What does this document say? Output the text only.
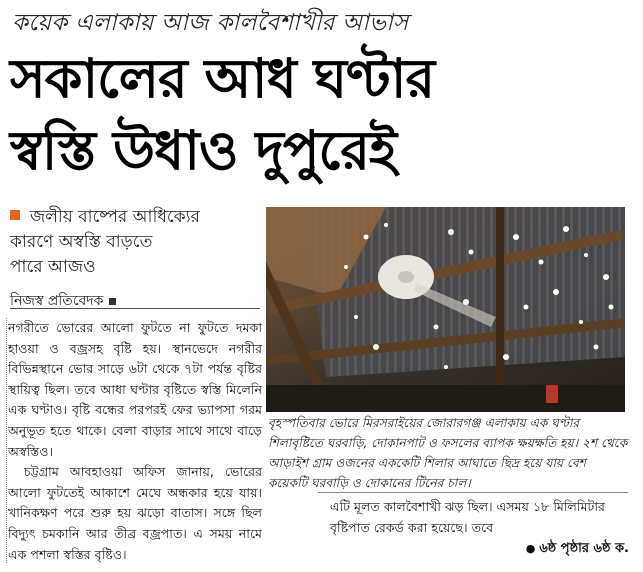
কয়েক এলাকায় আজ কালবৈশাখীর আভাস
সকালের আধ ঘণ্টার
স্বস্তি উধাও দুপুরেই
জলীয় বাষ্পের আধিক্যের
কারণে অস্বস্তি বাড়তে
পারে আজও
নিজস্ব প্রতিবেদক

নগরীতে ভোরের আলো ফুটতে না ফুটতে দমকা হাওয়া ও বজ্রসহ বৃষ্টি হয়। স্থানভেদে নগরীর বিভিন্নস্থানে ভোর সাড়ে ৬টা থেকে ৭টা পর্যন্ত বৃষ্টির স্থায়িত্ব ছিল। তবে আধা ঘণ্টার বৃষ্টিতে স্বস্তি মিলেনি এক ঘণ্টাও। বৃষ্টি বন্ধের পরপরই ফের ভ্যাপসা গরম অনুভূত হতে থাকে। বেলা বাড়ার সাথে সাথে বাড়ে অস্বস্তিও।

চট্টগ্রাম আবহাওয়া অফিস জানায়, ভোরের আলো ফুটতেই আকাশে মেঘে অন্ধকার হয়ে যায়। খানিকক্ষণ পরে শুরু হয় ঝড়ো বাতাস। সঙ্গে ছিল বিদ্যুৎ চমকানি আর তীব্র বজ্রপাত। এ সময় নামে এক পশলা স্বস্তির বৃষ্টিও।

বৃহস্পতিবার ভোরে মিরসরাইয়ের জোরারগঞ্জ এলাকায় এক ঘণ্টার শিলাবৃষ্টিতে ঘরবাড়ি, দোকানপাট ও ফসলের ব্যাপক ক্ষয়ক্ষতি হয়। ২শ থেকে আড়াইশ গ্রাম ওজনের এককেটি শিলার আঘাতে ছিদ্র হয়ে যায় বেশ কয়েকটি ঘরবাড়ি ও দোকানের টিনের চাল।
এটি মূলত কালবৈশাখী ঝড় ছিল। এসময় ১৮ মিলিমিটার বৃষ্টিপাত রেকর্ড করা হয়েছে। তবে
● ৬ষ্ঠ পৃষ্ঠার ৬ষ্ঠ ক.
